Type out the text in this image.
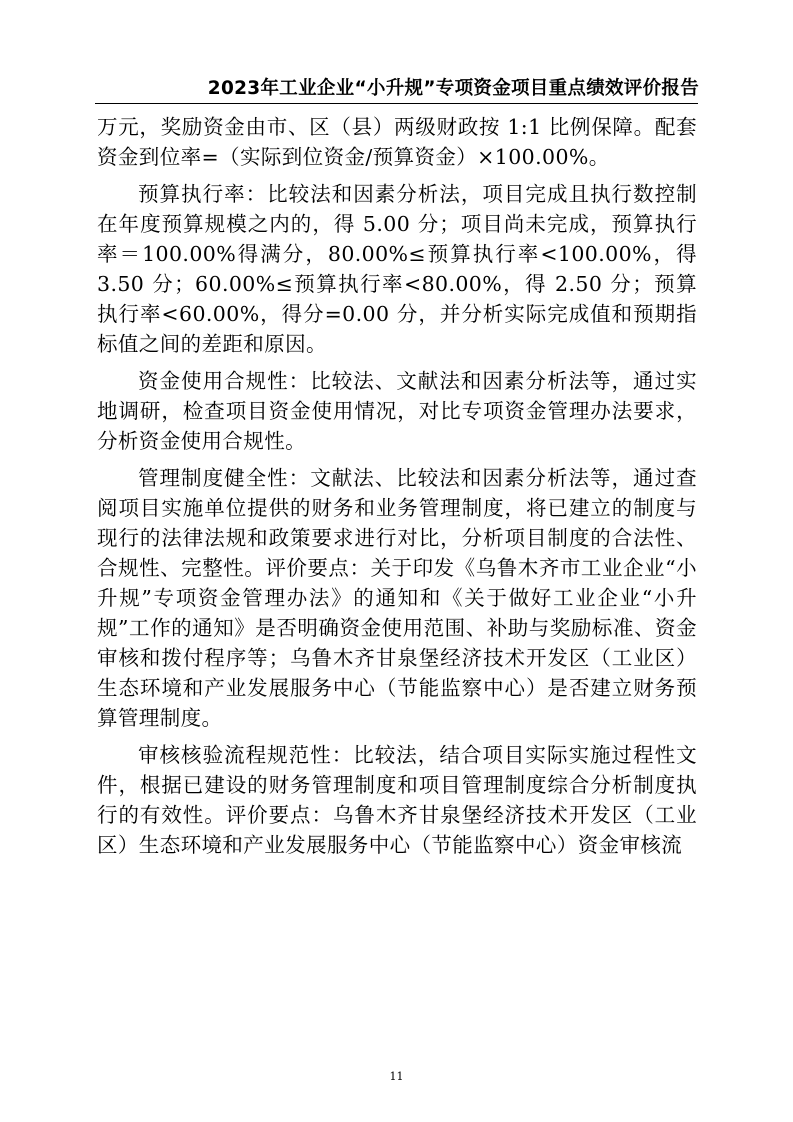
2023年工业企业“小升规”专项资金项目重点绩效评价报告

万元，奖励资金由市、区（县）两级财政按 1:1 比例保障。配套资金到位率=（实际到位资金/预算资金）×100.00%。

预算执行率：比较法和因素分析法，项目完成且执行数控制在年度预算规模之内的，得 5.00 分；项目尚未完成，预算执行率＝100.00%得满分，80.00%≤预算执行率<100.00%，得 3.50 分；60.00%≤预算执行率<80.00%，得 2.50 分；预算执行率<60.00%，得分=0.00 分，并分析实际完成值和预期指标值之间的差距和原因。

资金使用合规性：比较法、文献法和因素分析法等，通过实地调研，检查项目资金使用情况，对比专项资金管理办法要求，分析资金使用合规性。

管理制度健全性：文献法、比较法和因素分析法等，通过查阅项目实施单位提供的财务和业务管理制度，将已建立的制度与现行的法律法规和政策要求进行对比，分析项目制度的合法性、合规性、完整性。评价要点：关于印发《乌鲁木齐市工业企业“小升规”专项资金管理办法》的通知和《关于做好工业企业“小升规”工作的通知》是否明确资金使用范围、补助与奖励标准、资金审核和拨付程序等；乌鲁木齐甘泉堡经济技术开发区（工业区）生态环境和产业发展服务中心（节能监察中心）是否建立财务预算管理制度。

审核核验流程规范性：比较法，结合项目实际实施过程性文件，根据已建设的财务管理制度和项目管理制度综合分析制度执行的有效性。评价要点：乌鲁木齐甘泉堡经济技术开发区（工业区）生态环境和产业发展服务中心（节能监察中心）资金审核流

11
